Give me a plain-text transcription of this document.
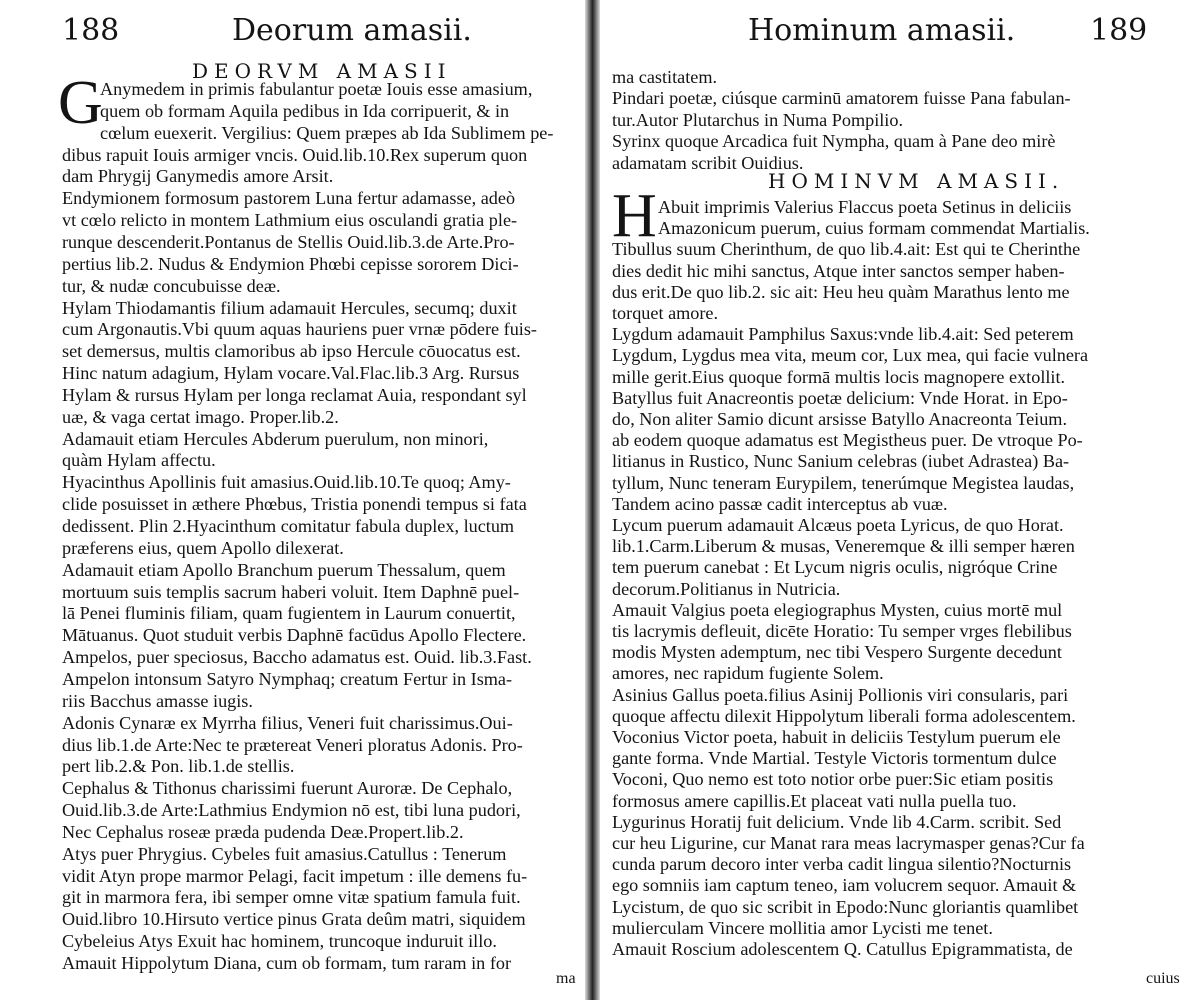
188	Deorum amasii.
DEORVM AMASII
G
Anymedem in primis fabulantur poetæ Iouis esse amasium,
quem ob formam Aquila pedibus in Ida corripuerit, & in
cœlum euexerit. Vergilius: Quem præpes ab Ida Sublimem pe-
dibus rapuit Iouis armiger vncis. Ouid.lib.10.Rex superum quon
dam Phrygij Ganymedis amore Arsit.
Endymionem formosum pastorem Luna fertur adamasse, adeò
vt cœlo relicto in montem Lathmium eius osculandi gratia ple-
runque descenderit.Pontanus de Stellis Ouid.lib.3.de Arte.Pro-
pertius lib.2. Nudus & Endymion Phœbi cepisse sororem Dici-
tur, & nudæ concubuisse deæ.
Hylam Thiodamantis filium adamauit Hercules, secumq; duxit
cum Argonautis.Vbi quum aquas hauriens puer vrnæ pōdere fuis-
set demersus, multis clamoribus ab ipso Hercule cōuocatus est.
Hinc natum adagium, Hylam vocare.Val.Flac.lib.3 Arg. Rursus
Hylam & rursus Hylam per longa reclamat Auia, respondant syl
uæ, & vaga certat imago. Proper.lib.2.
Adamauit etiam Hercules Abderum puerulum, non minori,
quàm Hylam affectu.
Hyacinthus Apollinis fuit amasius.Ouid.lib.10.Te quoq; Amy-
clide posuisset in æthere Phœbus, Tristia ponendi tempus si fata
dedissent. Plin 2.Hyacinthum comitatur fabula duplex, luctum
præferens eius, quem Apollo dilexerat.
Adamauit etiam Apollo Branchum puerum Thessalum, quem
mortuum suis templis sacrum haberi voluit. Item Daphnē puel-
lā Penei fluminis filiam, quam fugientem in Laurum conuertit,
Mātuanus. Quot studuit verbis Daphnē facūdus Apollo Flectere.
Ampelos, puer speciosus, Baccho adamatus est. Ouid. lib.3.Fast.
Ampelon intonsum Satyro Nymphaq; creatum Fertur in Isma-
riis Bacchus amasse iugis.
Adonis Cynaræ ex Myrrha filius, Veneri fuit charissimus.Oui-
dius lib.1.de Arte:Nec te prætereat Veneri ploratus Adonis. Pro-
pert lib.2.& Pon. lib.1.de stellis.
Cephalus & Tithonus charissimi fuerunt Auroræ. De Cephalo,
Ouid.lib.3.de Arte:Lathmius Endymion nō est, tibi luna pudori,
Nec Cephalus roseæ præda pudenda Deæ.Propert.lib.2.
Atys puer Phrygius. Cybeles fuit amasius.Catullus : Tenerum
vidit Atyn prope marmor Pelagi, facit impetum : ille demens fu-
git in marmora fera, ibi semper omne vitæ spatium famula fuit.
Ouid.libro 10.Hirsuto vertice pinus Grata deûm matri, siquidem
Cybeleius Atys Exuit hac hominem, truncoque induruit illo.
Amauit Hippolytum Diana, cum ob formam, tum raram in for
ma
Hominum amasii. 189
ma castitatem.
Pindari poetæ, ciúsque carminū amatorem fuisse Pana fabulan-
tur.Autor Plutarchus in Numa Pompilio.
Syrinx quoque Arcadica fuit Nympha, quam à Pane deo mirè
adamatam scribit Ouidius.
HOMINVM AMASII.
H Abuit imprimis Valerius Flaccus poeta Setinus in deliciis
Amazonicum puerum, cuius formam commendat Martialis.
Tibullus suum Cherinthum, de quo lib.4.ait: Est qui te Cherinthe
dies dedit hic mihi sanctus, Atque inter sanctos semper haben-
dus erit.De quo lib.2. sic ait: Heu heu quàm Marathus lento me
torquet amore.
Lygdum adamauit Pamphilus Saxus:vnde lib.4.ait: Sed peterem
Lygdum, Lygdus mea vita, meum cor, Lux mea, qui facie vulnera
mille gerit.Eius quoque formā multis locis magnopere extollit.
Batyllus fuit Anacreontis poetæ delicium: Vnde Horat. in Epo-
do, Non aliter Samio dicunt arsisse Batyllo Anacreonta Teium.
ab eodem quoque adamatus est Megistheus puer. De vtroque Po-
litianus in Rustico, Nunc Sanium celebras (iubet Adrastea) Ba-
tyllum, Nunc teneram Eurypilem, tenerúmque Megistea laudas,
Tandem acino passæ cadit interceptus ab vuæ.
Lycum puerum adamauit Alcæus poeta Lyricus, de quo Horat.
lib.1.Carm.Liberum & musas, Veneremque & illi semper hæren
tem puerum canebat : Et Lycum nigris oculis, nigróque Crine
decorum.Politianus in Nutricia.
Amauit Valgius poeta elegiographus Mysten, cuius mortē mul
tis lacrymis defleuit, dicēte Horatio: Tu semper vrges flebilibus
modis Mysten ademptum, nec tibi Vespero Surgente decedunt
amores, nec rapidum fugiente Solem.
Asinius Gallus poeta.filius Asinij Pollionis viri consularis, pari
quoque affectu dilexit Hippolytum liberali forma adolescentem.
Voconius Victor poeta, habuit in deliciis Testylum puerum ele
gante forma. Vnde Martial. Testyle Victoris tormentum dulce
Voconi, Quo nemo est toto notior orbe puer:Sic etiam positis
formosus amere capillis.Et placeat vati nulla puella tuo.
Lygurinus Horatij fuit delicium. Vnde lib 4.Carm. scribit. Sed
cur heu Ligurine, cur Manat rara meas lacrymasper genas?Cur fa
cunda parum decoro inter verba cadit lingua silentio?Nocturnis
ego somniis iam captum teneo, iam volucrem sequor. Amauit &
Lycistum, de quo sic scribit in Epodo:Nunc gloriantis quamlibet
mulierculam Vincere mollitia amor Lycisti me tenet.
Amauit Roscium adolescentem Q. Catullus Epigrammatista, de
cuius
